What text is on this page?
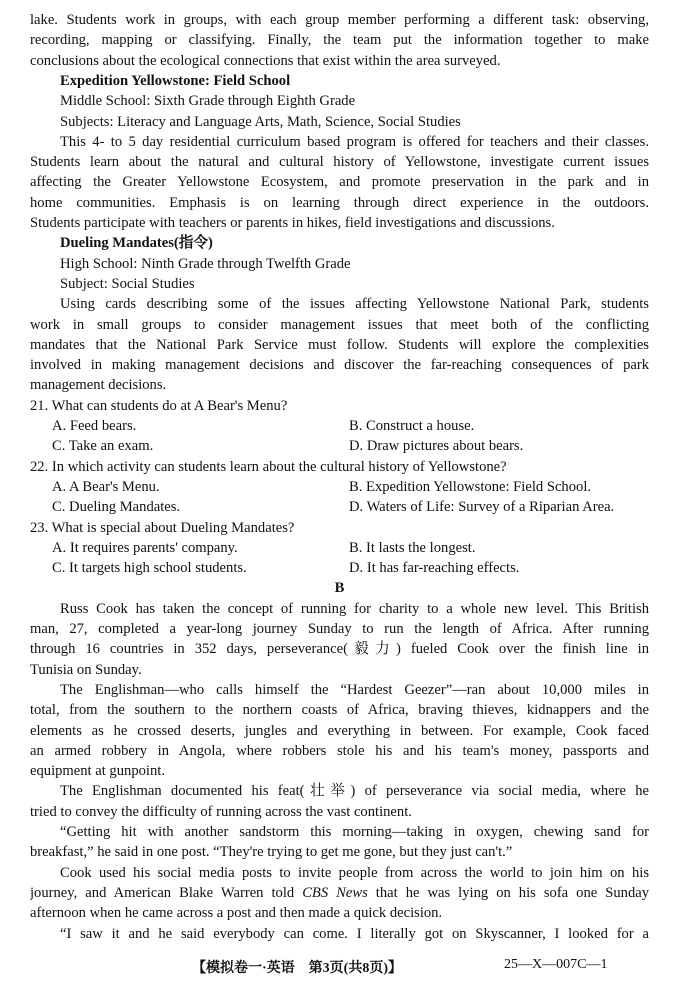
lake. Students work in groups, with each group member performing a different task: observing,
recording, mapping or classifying. Finally, the team put the information together to make
conclusions about the ecological connections that exist within the area surveyed.
Expedition Yellowstone: Field School
Middle School: Sixth Grade through Eighth Grade
Subjects: Literacy and Language Arts, Math, Science, Social Studies
This 4- to 5 day residential curriculum based program is offered for teachers and their classes.
Students learn about the natural and cultural history of Yellowstone, investigate current issues
affecting the Greater Yellowstone Ecosystem, and promote preservation in the park and in
home communities. Emphasis is on learning through direct experience in the outdoors.
Students participate with teachers or parents in hikes, field investigations and discussions.
Dueling Mandates(指令)
High School: Ninth Grade through Twelfth Grade
Subject: Social Studies
Using cards describing some of the issues affecting Yellowstone National Park, students
work in small groups to consider management issues that meet both of the conflicting
mandates that the National Park Service must follow. Students will explore the complexities
involved in making management decisions and discover the far-reaching consequences of park
management decisions.
21. What can students do at A Bear's Menu?
A. Feed bears.	B. Construct a house.
C. Take an exam.	D. Draw pictures about bears.
22. In which activity can students learn about the cultural history of Yellowstone?
A. A Bear's Menu.	B. Expedition Yellowstone: Field School.
C. Dueling Mandates.	D. Waters of Life: Survey of a Riparian Area.
23. What is special about Dueling Mandates?
A. It requires parents' company.	B. It lasts the longest.
C. It targets high school students.	D. It has far-reaching effects.
B
Russ Cook has taken the concept of running for charity to a whole new level. This British
man, 27, completed a year-long journey Sunday to run the length of Africa. After running
through 16 countries in 352 days, perseverance(毅力) fueled Cook over the finish line in
Tunisia on Sunday.
The Englishman—who calls himself the “Hardest Geezer”—ran about 10,000 miles in
total, from the southern to the northern coasts of Africa, braving thieves, kidnappers and the
elements as he crossed deserts, jungles and everything in between. For example, Cook faced
an armed robbery in Angola, where robbers stole his and his team's money, passports and
equipment at gunpoint.
The Englishman documented his feat(壮举) of perseverance via social media, where he
tried to convey the difficulty of running across the vast continent.
“Getting hit with another sandstorm this morning—taking in oxygen, chewing sand for
breakfast,” he said in one post. “They're trying to get me gone, but they just can't.”
Cook used his social media posts to invite people from across the world to join him on his
journey, and American Blake Warren told CBS News that he was lying on his sofa one Sunday
afternoon when he came across a post and then made a quick decision.
“I saw it and he said everybody can come. I literally got on Skyscanner, I looked for a
【模拟卷一·英语　第3页(共8页)】	25—X—007C—1
